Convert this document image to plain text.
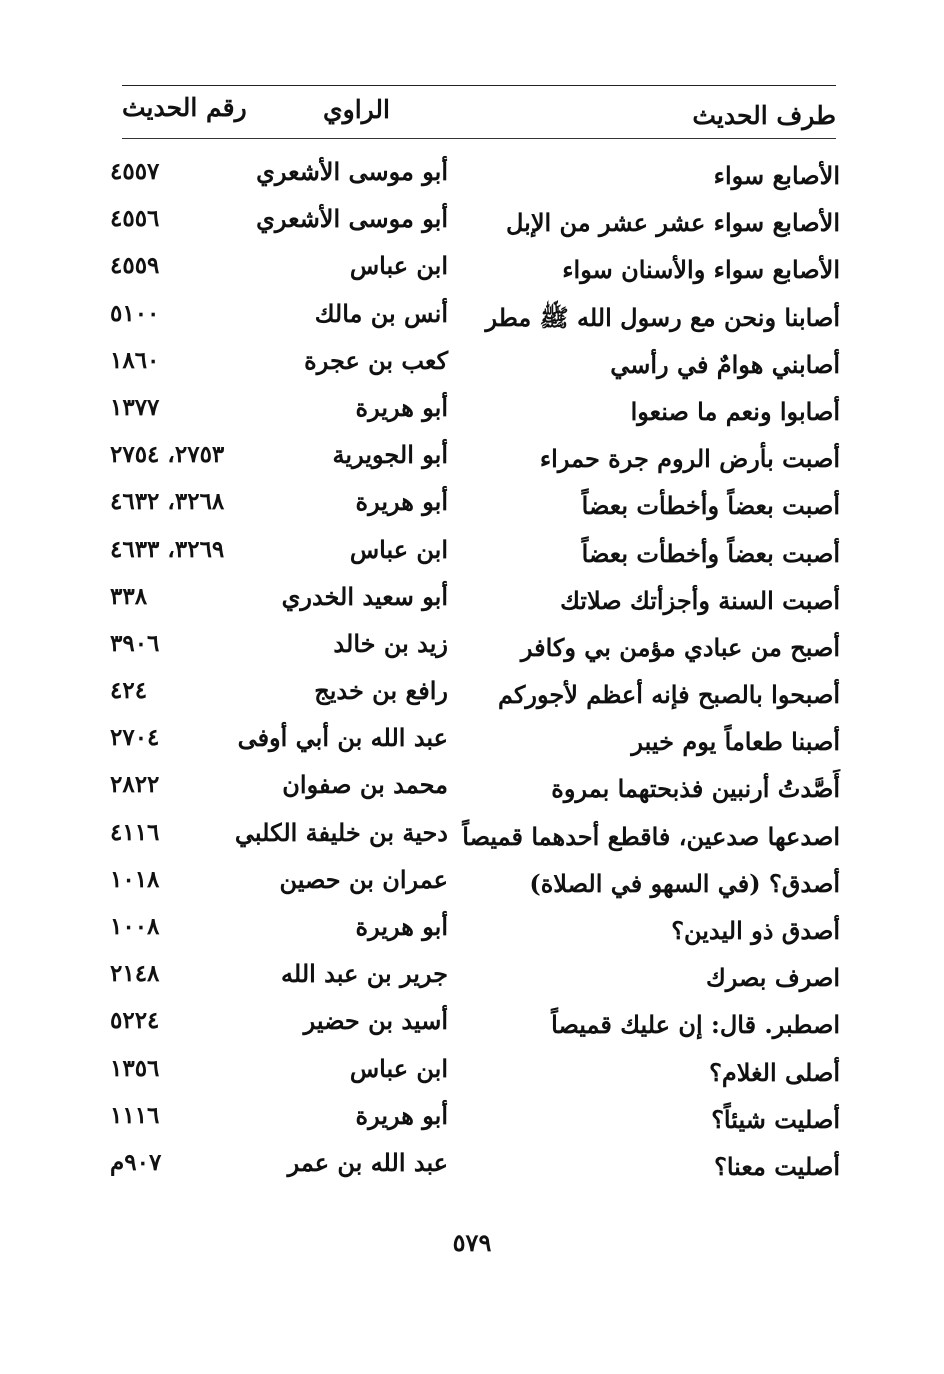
طرف الحديث
الراوي
رقم الحديث
الأصابع سواء
أبو موسى الأشعري
٤٥٥٧
الأصابع سواء عشر عشر من الإبل
أبو موسى الأشعري
٤٥٥٦
الأصابع سواء والأسنان سواء
ابن عباس
٤٥٥٩
أصابنا ونحن مع رسول الله ﷺ مطر
أنس بن مالك
٥١٠٠
أصابني هوامٌ في رأسي
كعب بن عجرة
١٨٦٠
أصابوا ونعم ما صنعوا
أبو هريرة
١٣٧٧
أصبت بأرض الروم جرة حمراء
أبو الجويرية
٢٧٥٣، ٢٧٥٤
أصبت بعضاً وأخطأت بعضاً
أبو هريرة
٣٢٦٨، ٤٦٣٢
أصبت بعضاً وأخطأت بعضاً
ابن عباس
٣٢٦٩، ٤٦٣٣
أصبت السنة وأجزأتك صلاتك
أبو سعيد الخدري
٣٣٨
أصبح من عبادي مؤمن بي وكافر
زيد بن خالد
٣٩٠٦
أصبحوا بالصبح فإنه أعظم لأجوركم
رافع بن خديج
٤٢٤
أصبنا طعاماً يوم خيبر
عبد الله بن أبي أوفى
٢٧٠٤
أَصَّدتُ أرنبين فذبحتهما بمروة
محمد بن صفوان
٢٨٢٢
اصدعها صدعين، فاقطع أحدهما قميصاً
دحية بن خليفة الكلبي
٤١١٦
أصدق؟ (في السهو في الصلاة)
عمران بن حصين
١٠١٨
أصدق ذو اليدين؟
أبو هريرة
١٠٠٨
اصرف بصرك
جرير بن عبد الله
٢١٤٨
اصطبر. قال: إن عليك قميصاً
أسيد بن حضير
٥٢٢٤
أصلى الغلام؟
ابن عباس
١٣٥٦
أصليت شيئاً؟
أبو هريرة
١١١٦
أصليت معنا؟
عبد الله بن عمر
٩٠٧م
٥٧٩
